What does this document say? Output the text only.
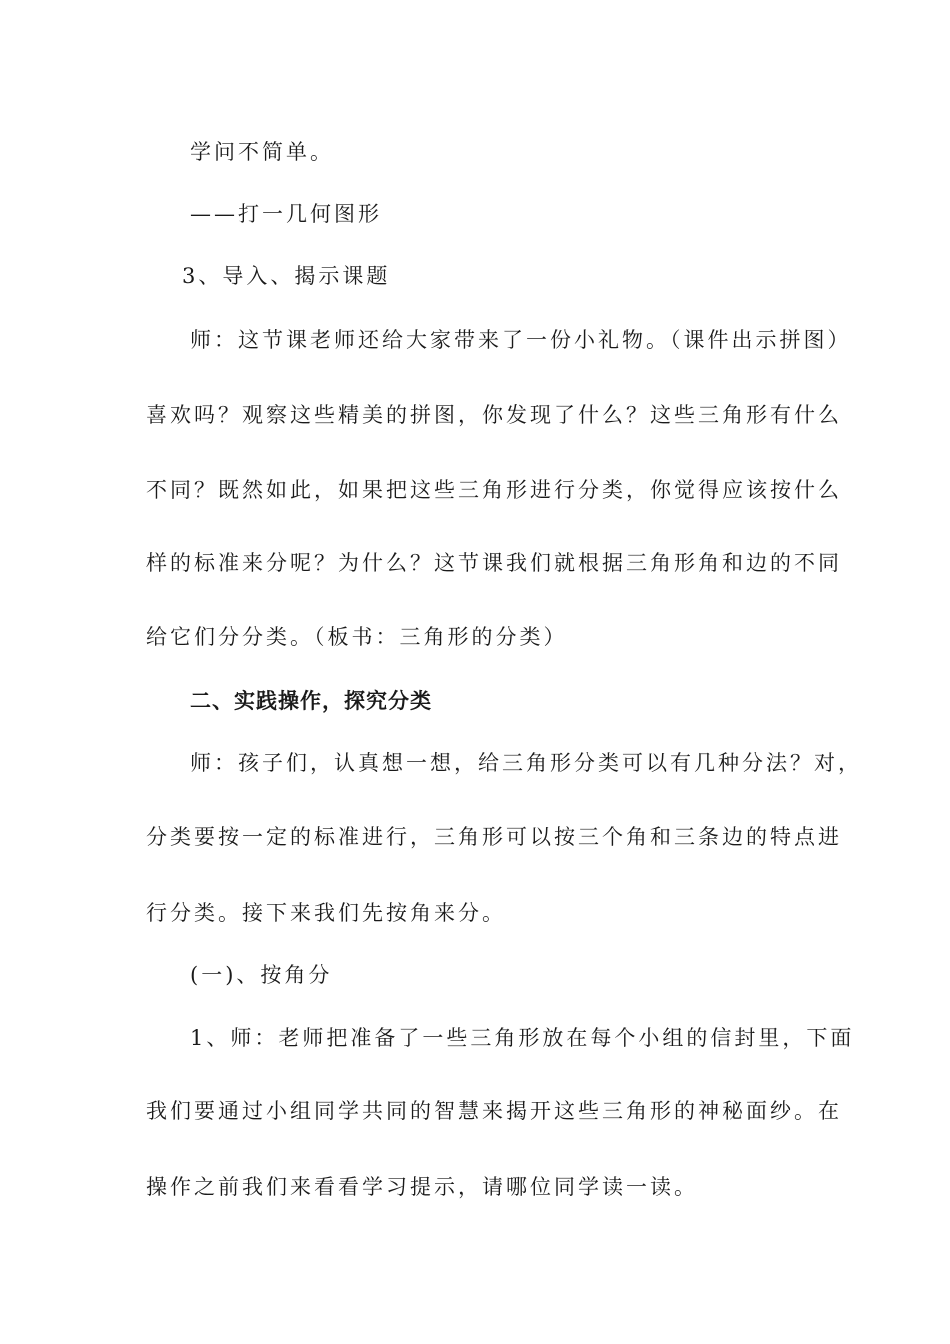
学问不简单。
——打一几何图形
3、导入、揭示课题
师：这节课老师还给大家带来了一份小礼物。（课件出示拼图）
喜欢吗？观察这些精美的拼图，你发现了什么？这些三角形有什么
不同？既然如此，如果把这些三角形进行分类，你觉得应该按什么
样的标准来分呢？为什么？这节课我们就根据三角形角和边的不同
给它们分分类。（板书：三角形的分类）
二、实践操作，探究分类
师：孩子们，认真想一想，给三角形分类可以有几种分法？对，
分类要按一定的标准进行，三角形可以按三个角和三条边的特点进
行分类。接下来我们先按角来分。
(一)、按角分
1、师：老师把准备了一些三角形放在每个小组的信封里，下面
我们要通过小组同学共同的智慧来揭开这些三角形的神秘面纱。在
操作之前我们来看看学习提示，请哪位同学读一读。
